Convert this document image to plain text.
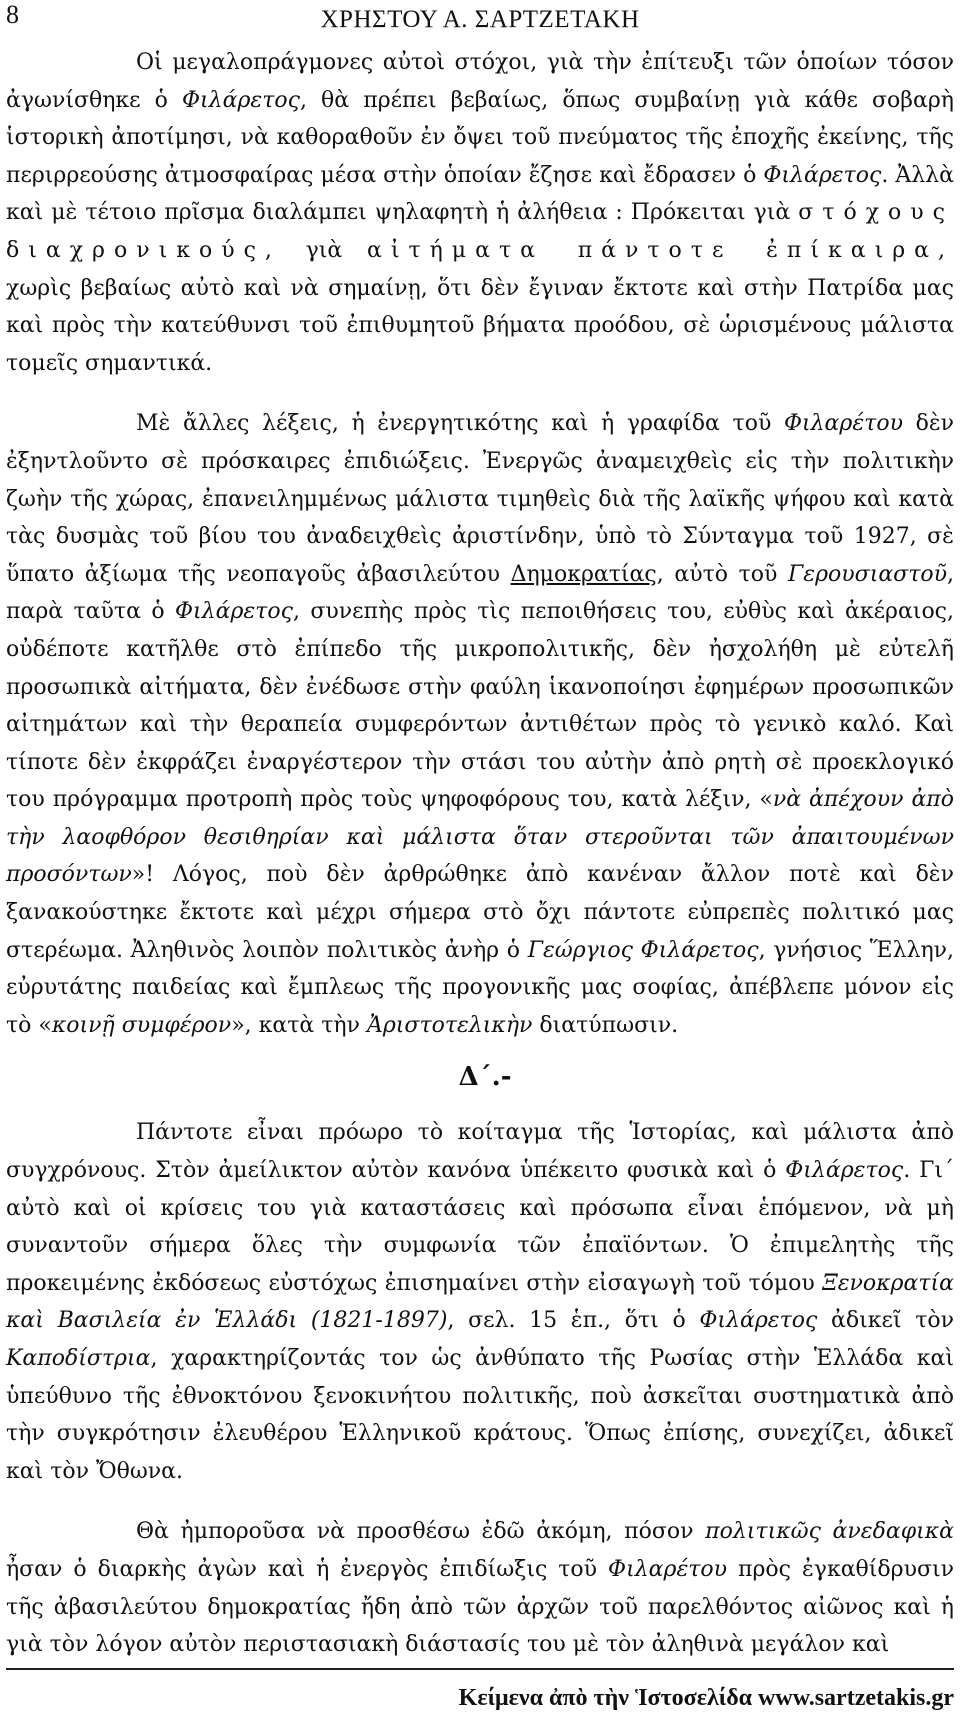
8	ΧΡΗΣΤΟΥ Α. ΣΑΡΤΖΕΤΑΚΗ

Οἱ μεγαλοπράγμονες αὐτοὶ στόχοι, γιὰ τὴν ἐπίτευξι τῶν ὁποίων τόσον ἀγωνίσθηκε ὁ Φιλάρετος, θὰ πρέπει βεβαίως, ὅπως συμβαίνῃ γιὰ κάθε σοβαρὴ ἱστορικὴ ἀποτίμησι, νὰ καθοραθοῦν ἐν ὄψει τοῦ πνεύματος τῆς ἐποχῆς ἐκείνης, τῆς περιρρεούσης ἀτμοσφαίρας μέσα στὴν ὁποίαν ἔζησε καὶ ἔδρασεν ὁ Φιλάρετος. Ἀλλὰ καὶ μὲ τέτοιο πρῖσμα διαλάμπει ψηλαφητὴ ἡ ἀλήθεια : Πρόκειται γιὰ στόχους διαχρονικούς, γιὰ αἰτήματα πάντοτε ἐπίκαιρα, χωρὶς βεβαίως αὐτὸ καὶ νὰ σημαίνῃ, ὅτι δὲν ἔγιναν ἔκτοτε καὶ στὴν Πατρίδα μας καὶ πρὸς τὴν κατεύθυνσι τοῦ ἐπιθυμητοῦ βήματα προόδου, σὲ ὡρισμένους μάλιστα τομεῖς σημαντικά.

Μὲ ἄλλες λέξεις, ἡ ἐνεργητικότης καὶ ἡ γραφίδα τοῦ Φιλαρέτου δὲν ἐξηντλοῦντο σὲ πρόσκαιρες ἐπιδιώξεις. Ἐνεργῶς ἀναμειχθεὶς εἰς τὴν πολιτικὴν ζωὴν τῆς χώρας, ἐπανειλημμένως μάλιστα τιμηθεὶς διὰ τῆς λαϊκῆς ψήφου καὶ κατὰ τὰς δυσμὰς τοῦ βίου του ἀναδειχθεὶς ἀριστίνδην, ὑπὸ τὸ Σύνταγμα τοῦ 1927, σὲ ὕπατο ἀξίωμα τῆς νεοπαγοῦς ἀβασιλεύτου Δημοκρατίας, αὐτὸ τοῦ Γερουσιαστοῦ, παρὰ ταῦτα ὁ Φιλάρετος, συνεπὴς πρὸς τὶς πεποιθήσεις του, εὐθὺς καὶ ἀκέραιος, οὐδέποτε κατῆλθε στὸ ἐπίπεδο τῆς μικροπολιτικῆς, δὲν ἠσχολήθη μὲ εὐτελῆ προσωπικὰ αἰτήματα, δὲν ἐνέδωσε στὴν φαύλη ἱκανοποίησι ἐφημέρων προσωπικῶν αἰτημάτων καὶ τὴν θεραπεία συμφερόντων ἀντιθέτων πρὸς τὸ γενικὸ καλό. Καὶ τίποτε δὲν ἐκφράζει ἐναργέστερον τὴν στάσι του αὐτὴν ἀπὸ ρητὴ σὲ προεκλογικό του πρόγραμμα προτροπὴ πρὸς τοὺς ψηφοφόρους του, κατὰ λέξιν, «νὰ ἀπέχουν ἀπὸ τὴν λαοφθόρον θεσιθηρίαν καὶ μάλιστα ὅταν στεροῦνται τῶν ἀπαιτουμένων προσόντων»! Λόγος, ποὺ δὲν ἀρθρώθηκε ἀπὸ κανέναν ἄλλον ποτὲ καὶ δὲν ξανακούστηκε ἔκτοτε καὶ μέχρι σήμερα στὸ ὄχι πάντοτε εὐπρεπὲς πολιτικό μας στερέωμα. Ἀληθινὸς λοιπὸν πολιτικὸς ἀνὴρ ὁ Γεώργιος Φιλάρετος, γνήσιος Ἕλλην, εὐρυτάτης παιδείας καὶ ἔμπλεως τῆς προγονικῆς μας σοφίας, ἀπέβλεπε μόνον εἰς τὸ «κοινῇ συμφέρον», κατὰ τὴν Ἀριστοτελικὴν διατύπωσιν.

Δ΄.-

Πάντοτε εἶναι πρόωρο τὸ κοίταγμα τῆς Ἱστορίας, καὶ μάλιστα ἀπὸ συγχρόνους. Στὸν ἀμείλικτον αὐτὸν κανόνα ὑπέκειτο φυσικὰ καὶ ὁ Φιλάρετος. Γι΄ αὐτὸ καὶ οἱ κρίσεις του γιὰ καταστάσεις καὶ πρόσωπα εἶναι ἑπόμενον, νὰ μὴ συναντοῦν σήμερα ὅλες τὴν συμφωνία τῶν ἐπαϊόντων. Ὁ ἐπιμελητὴς τῆς προκειμένης ἐκδόσεως εὐστόχως ἐπισημαίνει στὴν εἰσαγωγὴ τοῦ τόμου Ξενοκρατία καὶ Βασιλεία ἐν Ἑλλάδι (1821-1897), σελ. 15 ἑπ., ὅτι ὁ Φιλάρετος ἀδικεῖ τὸν Καποδίστρια, χαρακτηρίζοντάς τον ὡς ἀνθύπατο τῆς Ρωσίας στὴν Ἑλλάδα καὶ ὑπεύθυνο τῆς ἐθνοκτόνου ξενοκινήτου πολιτικῆς, ποὺ ἀσκεῖται συστηματικὰ ἀπὸ τὴν συγκρότησιν ἐλευθέρου Ἑλληνικοῦ κράτους. Ὅπως ἐπίσης, συνεχίζει, ἀδικεῖ καὶ τὸν Ὄθωνα.

Θὰ ἠμποροῦσα νὰ προσθέσω ἐδῶ ἀκόμη, πόσον πολιτικῶς ἀνεδαφικὰ ἦσαν ὁ διαρκὴς ἀγὼν καὶ ἡ ἐνεργὸς ἐπιδίωξις τοῦ Φιλαρέτου πρὸς ἐγκαθίδρυσιν τῆς ἀβασιλεύτου δημοκρατίας ἤδη ἀπὸ τῶν ἀρχῶν τοῦ παρελθόντος αἰῶνος καὶ ἡ γιὰ τὸν λόγον αὐτὸν περιστασιακὴ διάστασίς του μὲ τὸν ἀληθινὰ μεγάλον καὶ

Κείμενα ἀπὸ τὴν Ἱστοσελίδα www.sartzetakis.gr
